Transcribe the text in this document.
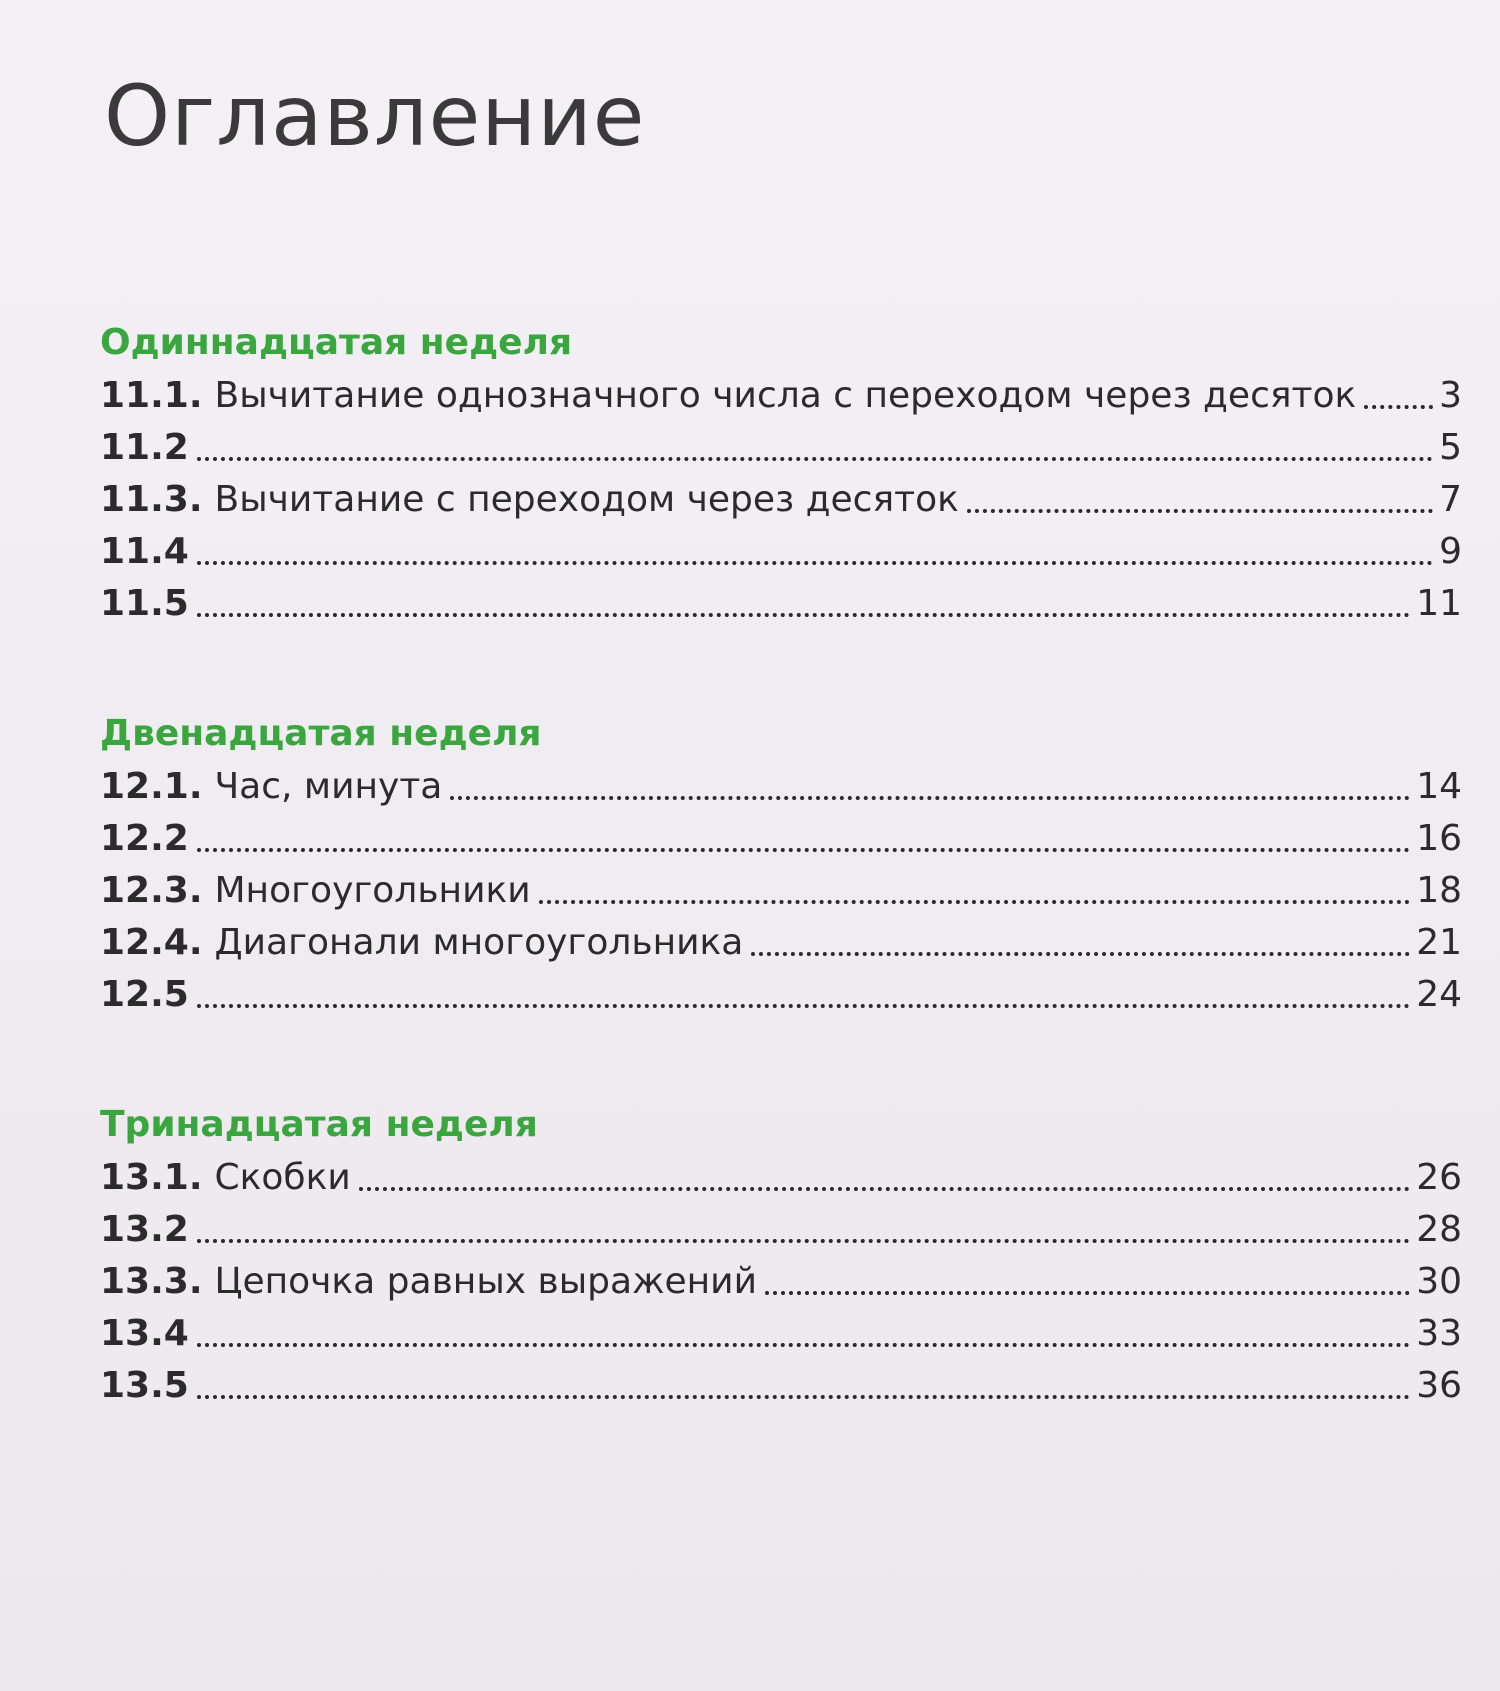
Оглавление
Одиннадцатая неделя
11.1. Вычитание однозначного числа с переходом через десяток 3
11.2	5
11.3. Вычитание с переходом через десяток	7
11.4	9
11.5	11
Двенадцатая неделя
12.1. Час, минута	14
12.2	16
12.3. Многоугольники	18
12.4. Диагонали многоугольника	21
12.5	24
Тринадцатая неделя
13.1. Скобки	26
13.2	28
13.3. Цепочка равных выражений	30
13.4	33
13.5	36
